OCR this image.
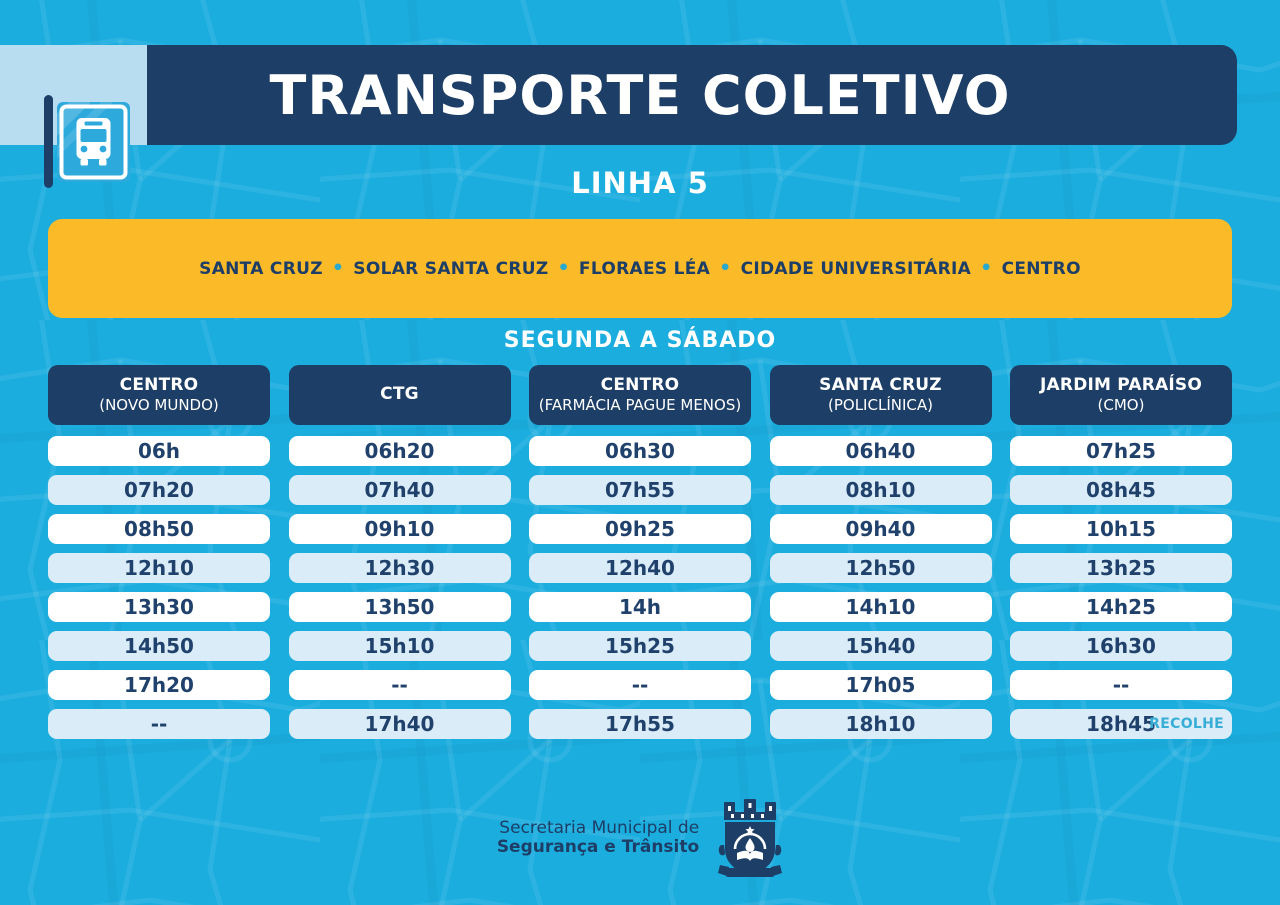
TRANSPORTE COLETIVO
LINHA 5
SANTA CRUZ • SOLAR SANTA CRUZ • FLORAES LÉA • CIDADE UNIVERSITÁRIA • CENTRO
SEGUNDA A SÁBADO
CENTRO
(NOVO MUNDO)
06h
07h20
08h50
12h10
13h30
14h50
17h20
--
CTG
06h20
07h40
09h10
12h30
13h50
15h10
--
17h40
CENTRO
(FARMÁCIA PAGUE MENOS)
06h30
07h55
09h25
12h40
14h
15h25
--
17h55
SANTA CRUZ
(POLICLÍNICA)
06h40
08h10
09h40
12h50
14h10
15h40
17h05
18h10
JARDIM PARAÍSO
(CMO)
07h25
08h45
10h15
13h25
14h25
16h30
--
18h45
RECOLHE
Secretaria Municipal de
Segurança e Trânsito
